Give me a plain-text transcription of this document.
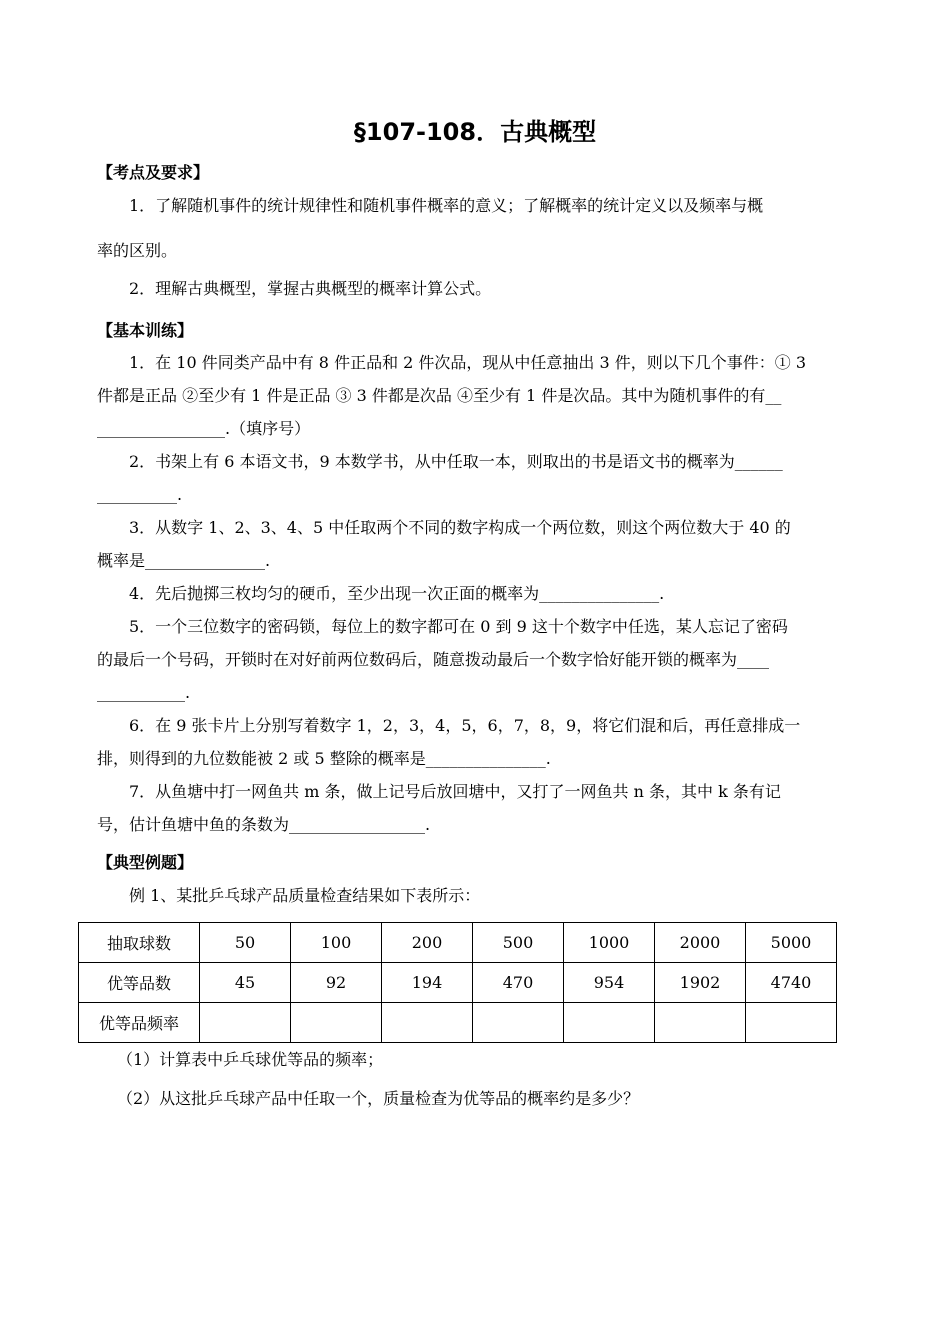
§107-108．古典概型
【考点及要求】
1．了解随机事件的统计规律性和随机事件概率的意义；了解概率的统计定义以及频率与概
率的区别。
2．理解古典概型，掌握古典概型的概率计算公式。
【基本训练】
1．在 10 件同类产品中有 8 件正品和 2 件次品，现从中任意抽出 3 件，则以下几个事件：① 3
件都是正品 ②至少有 1 件是正品 ③ 3 件都是次品 ④至少有 1 件是次品。其中为随机事件的有__
________________.（填序号）
2．书架上有 6 本语文书，9 本数学书，从中任取一本，则取出的书是语文书的概率为______
__________.
3．从数字 1、2、3、4、5 中任取两个不同的数字构成一个两位数，则这个两位数大于 40 的
概率是_______________.
4．先后抛掷三枚均匀的硬币，至少出现一次正面的概率为_______________.
5．一个三位数字的密码锁，每位上的数字都可在 0 到 9 这十个数字中任选，某人忘记了密码
的最后一个号码，开锁时在对好前两位数码后，随意拨动最后一个数字恰好能开锁的概率为____
___________.
6．在 9 张卡片上分别写着数字 1，2，3，4，5，6，7，8，9，将它们混和后，再任意排成一
排，则得到的九位数能被 2 或 5 整除的概率是_______________.
7．从鱼塘中打一网鱼共 m 条，做上记号后放回塘中，又打了一网鱼共 n 条，其中 k 条有记
号，估计鱼塘中鱼的条数为_________________.
【典型例题】
例 1、某批乒乓球产品质量检查结果如下表所示：
抽取球数	50	100	200	500	1000	2000	5000
优等品数	45	92	194	470	954	1902	4740
优等品频率							
（1）计算表中乒乓球优等品的频率；
（2）从这批乒乓球产品中任取一个，质量检查为优等品的概率约是多少？
